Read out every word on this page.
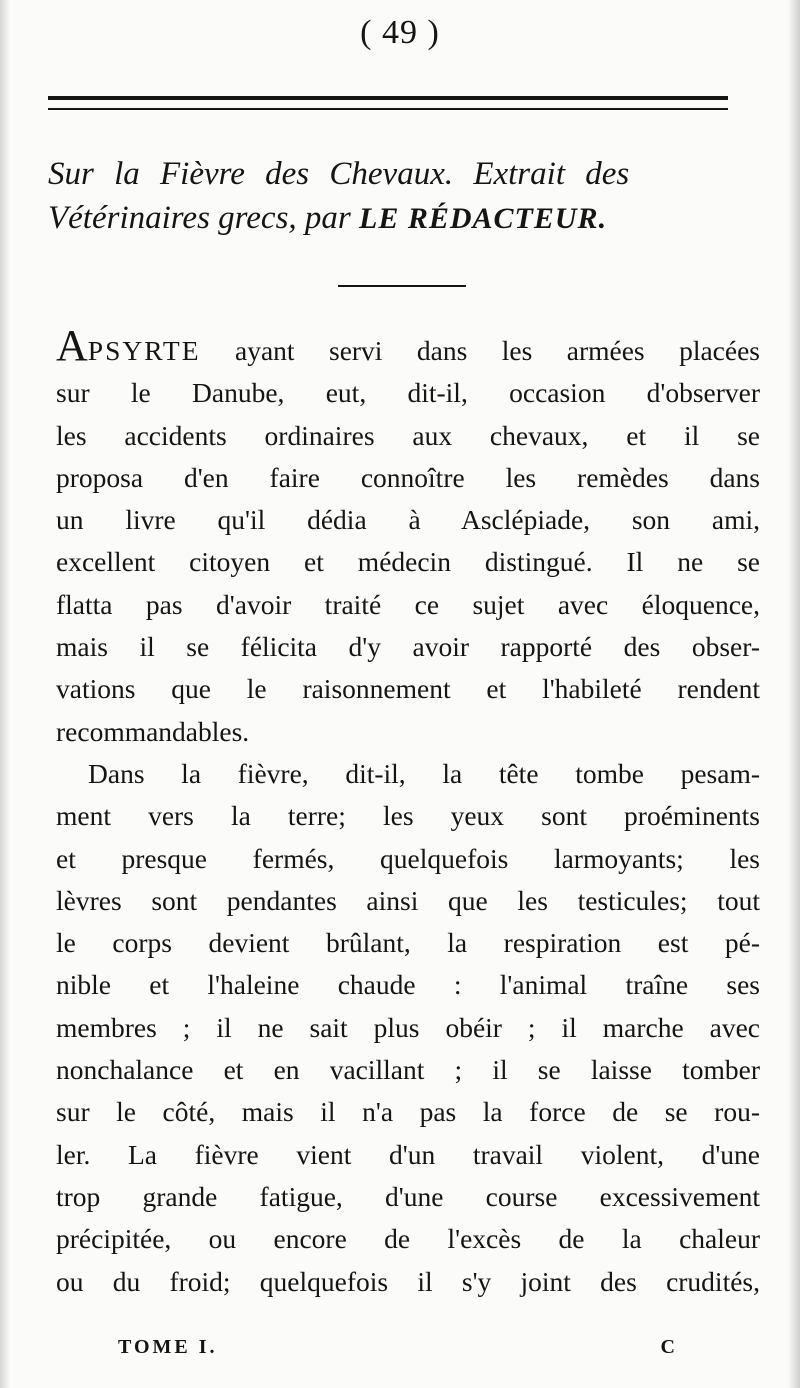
( 49 )
Sur la Fièvre des Chevaux. Extrait des
Vétérinaires grecs, par LE RÉDACTEUR.

APSYRTE ayant servi dans les armées placées

sur le Danube, eut, dit-il, occasion d'observer

les accidents ordinaires aux chevaux, et il se

proposa d'en faire connoître les remèdes dans

un livre qu'il dédia à Asclépiade, son ami,

excellent citoyen et médecin distingué. Il ne se

flatta pas d'avoir traité ce sujet avec éloquence,

mais il se félicita d'y avoir rapporté des obser-

vations que le raisonnement et l'habileté rendent

recommandables.

Dans la fièvre, dit-il, la tête tombe pesam-

ment vers la terre; les yeux sont proéminents

et presque fermés, quelquefois larmoyants; les

lèvres sont pendantes ainsi que les testicules; tout

le corps devient brûlant, la respiration est pé-

nible et l'haleine chaude : l'animal traîne ses

membres ; il ne sait plus obéir ; il marche avec

nonchalance et en vacillant ; il se laisse tomber

sur le côté, mais il n'a pas la force de se rou-

ler. La fièvre vient d'un travail violent, d'une

trop grande fatigue, d'une course excessivement

précipitée, ou encore de l'excès de la chaleur

ou du froid; quelquefois il s'y joint des crudités,

TOME I.	C
